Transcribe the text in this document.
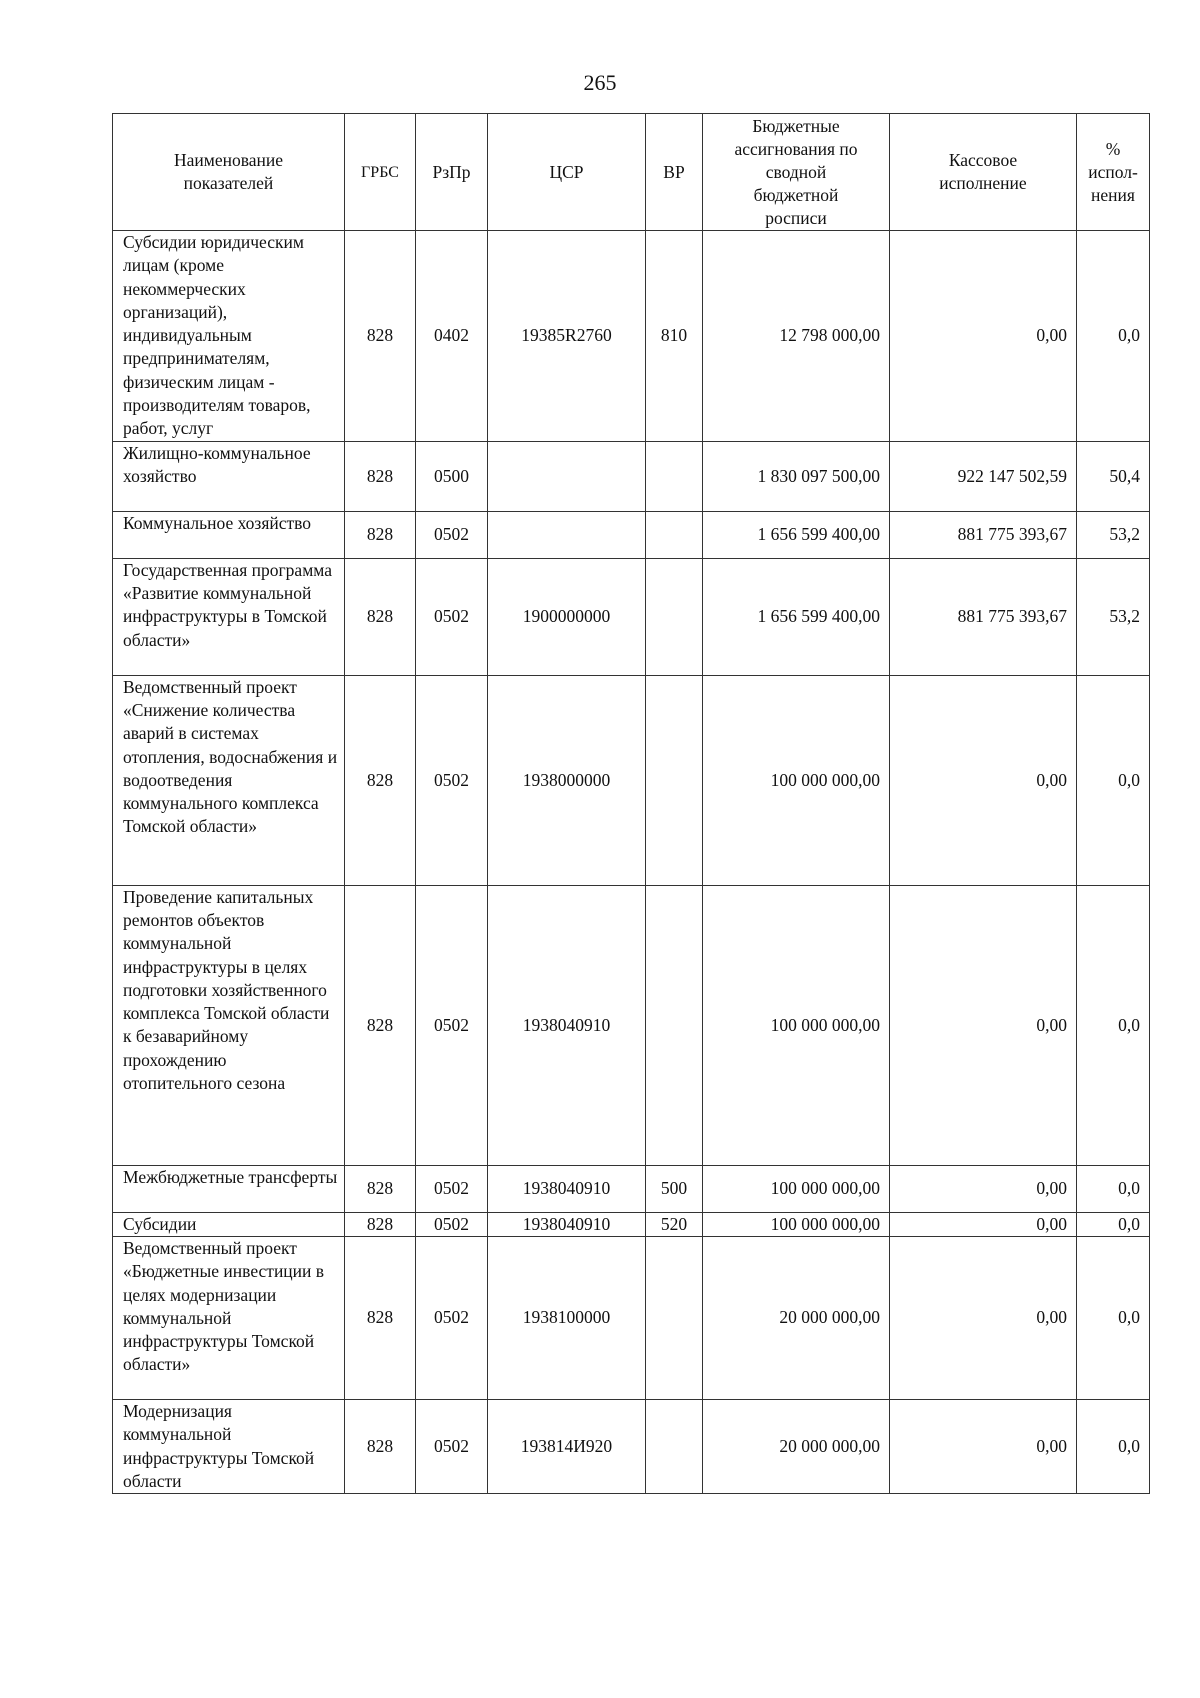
265
Наименование показателей	ГРБС	РзПр	ЦСР	ВР	Бюджетные ассигнования по сводной бюджетной росписи	Кассовое исполнение	% испол-нения
Субсидии юридическим лицам (кроме некоммерческих организаций), индивидуальным предпринимателям, физическим лицам - производителям товаров, работ, услуг	828	0402	19385R2760	810	12 798 000,00	0,00	0,0
Жилищно-коммунальное хозяйство	828	0500			1 830 097 500,00	922 147 502,59	50,4
Коммунальное хозяйство	828	0502			1 656 599 400,00	881 775 393,67	53,2
Государственная программа «Развитие коммунальной инфраструктуры в Томской области»	828	0502	1900000000		1 656 599 400,00	881 775 393,67	53,2
Ведомственный проект «Снижение количества аварий в системах отопления, водоснабжения и водоотведения коммунального комплекса Томской области»	828	0502	1938000000		100 000 000,00	0,00	0,0
Проведение капитальных ремонтов объектов коммунальной инфраструктуры в целях подготовки хозяйственного комплекса Томской области к безаварийному прохождению отопительного сезона	828	0502	1938040910		100 000 000,00	0,00	0,0
Межбюджетные трансферты	828	0502	1938040910	500	100 000 000,00	0,00	0,0
Субсидии	828	0502	1938040910	520	100 000 000,00	0,00	0,0
Ведомственный проект «Бюджетные инвестиции в целях модернизации коммунальной инфраструктуры Томской области»	828	0502	1938100000		20 000 000,00	0,00	0,0
Модернизация коммунальной инфраструктуры Томской области	828	0502	193814И920		20 000 000,00	0,00	0,0
